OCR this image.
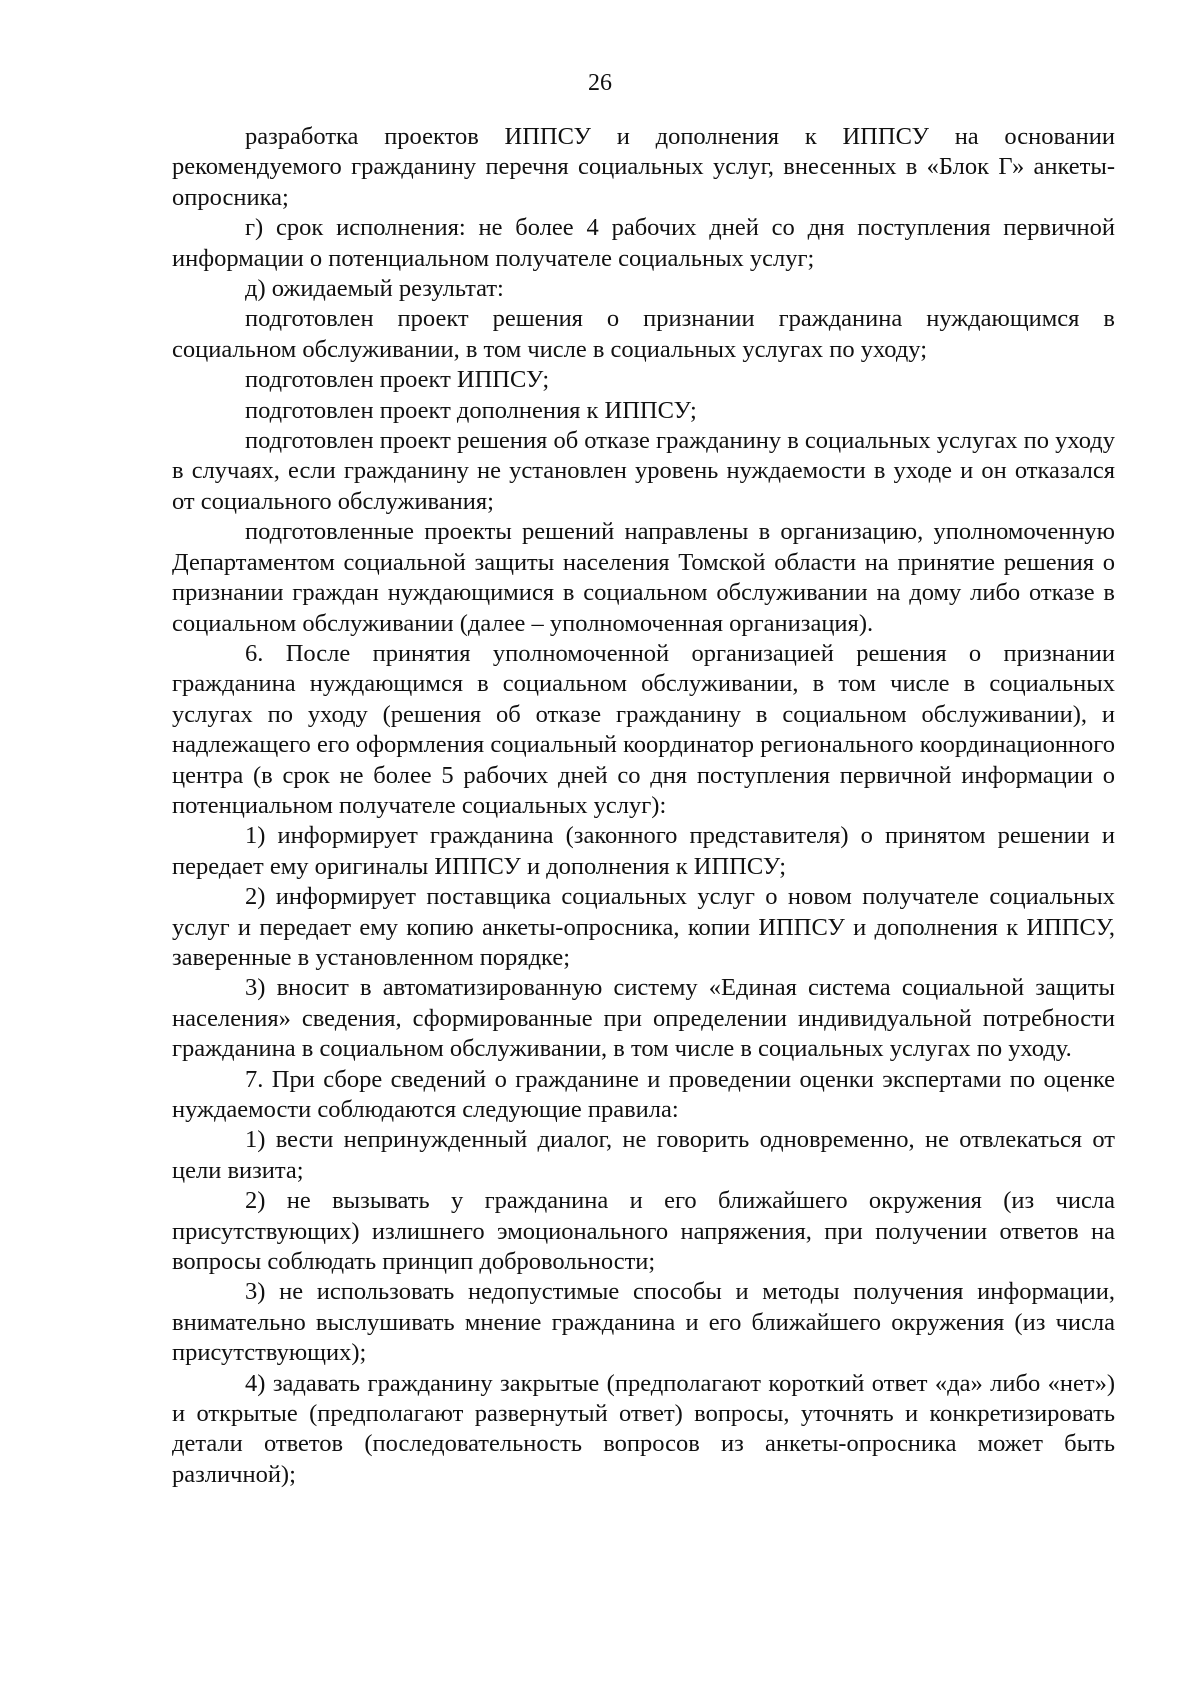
26

разработка проектов ИППСУ и дополнения к ИППСУ на основании рекомендуемого гражданину перечня социальных услуг, внесенных в «Блок Г» анкеты-опросника;

г) срок исполнения: не более 4 рабочих дней со дня поступления первичной информации о потенциальном получателе социальных услуг;

д) ожидаемый результат:

подготовлен проект решения о признании гражданина нуждающимся в социальном обслуживании, в том числе в социальных услугах по уходу;

подготовлен проект ИППСУ;

подготовлен проект дополнения к ИППСУ;

подготовлен проект решения об отказе гражданину в социальных услугах по уходу в случаях, если гражданину не установлен уровень нуждаемости в уходе и он отказался от социального обслуживания;

подготовленные проекты решений направлены в организацию, уполномоченную Департаментом социальной защиты населения Томской области на принятие решения о признании граждан нуждающимися в социальном обслуживании на дому либо отказе в социальном обслуживании (далее – уполномоченная организация).

6. После принятия уполномоченной организацией решения о признании гражданина нуждающимся в социальном обслуживании, в том числе в социальных услугах по уходу (решения об отказе гражданину в социальном обслуживании), и надлежащего его оформления социальный координатор регионального координационного центра (в срок не более 5 рабочих дней со дня поступления первичной информации о потенциальном получателе социальных услуг):

1) информирует гражданина (законного представителя) о принятом решении и передает ему оригиналы ИППСУ и дополнения к ИППСУ;

2) информирует поставщика социальных услуг о новом получателе социальных услуг и передает ему копию анкеты-опросника, копии ИППСУ и дополнения к ИППСУ, заверенные в установленном порядке;

3) вносит в автоматизированную систему «Единая система социальной защиты населения» сведения, сформированные при определении индивидуальной потребности гражданина в социальном обслуживании, в том числе в социальных услугах по уходу.

7. При сборе сведений о гражданине и проведении оценки экспертами по оценке нуждаемости соблюдаются следующие правила:

1) вести непринужденный диалог, не говорить одновременно, не отвлекаться от цели визита;

2) не вызывать у гражданина и его ближайшего окружения (из числа присутствующих) излишнего эмоционального напряжения, при получении ответов на вопросы соблюдать принцип добровольности;

3) не использовать недопустимые способы и методы получения информации, внимательно выслушивать мнение гражданина и его ближайшего окружения (из числа присутствующих);

4) задавать гражданину закрытые (предполагают короткий ответ «да» либо «нет») и открытые (предполагают развернутый ответ) вопросы, уточнять и конкретизировать детали ответов (последовательность вопросов из анкеты-опросника может быть различной);
